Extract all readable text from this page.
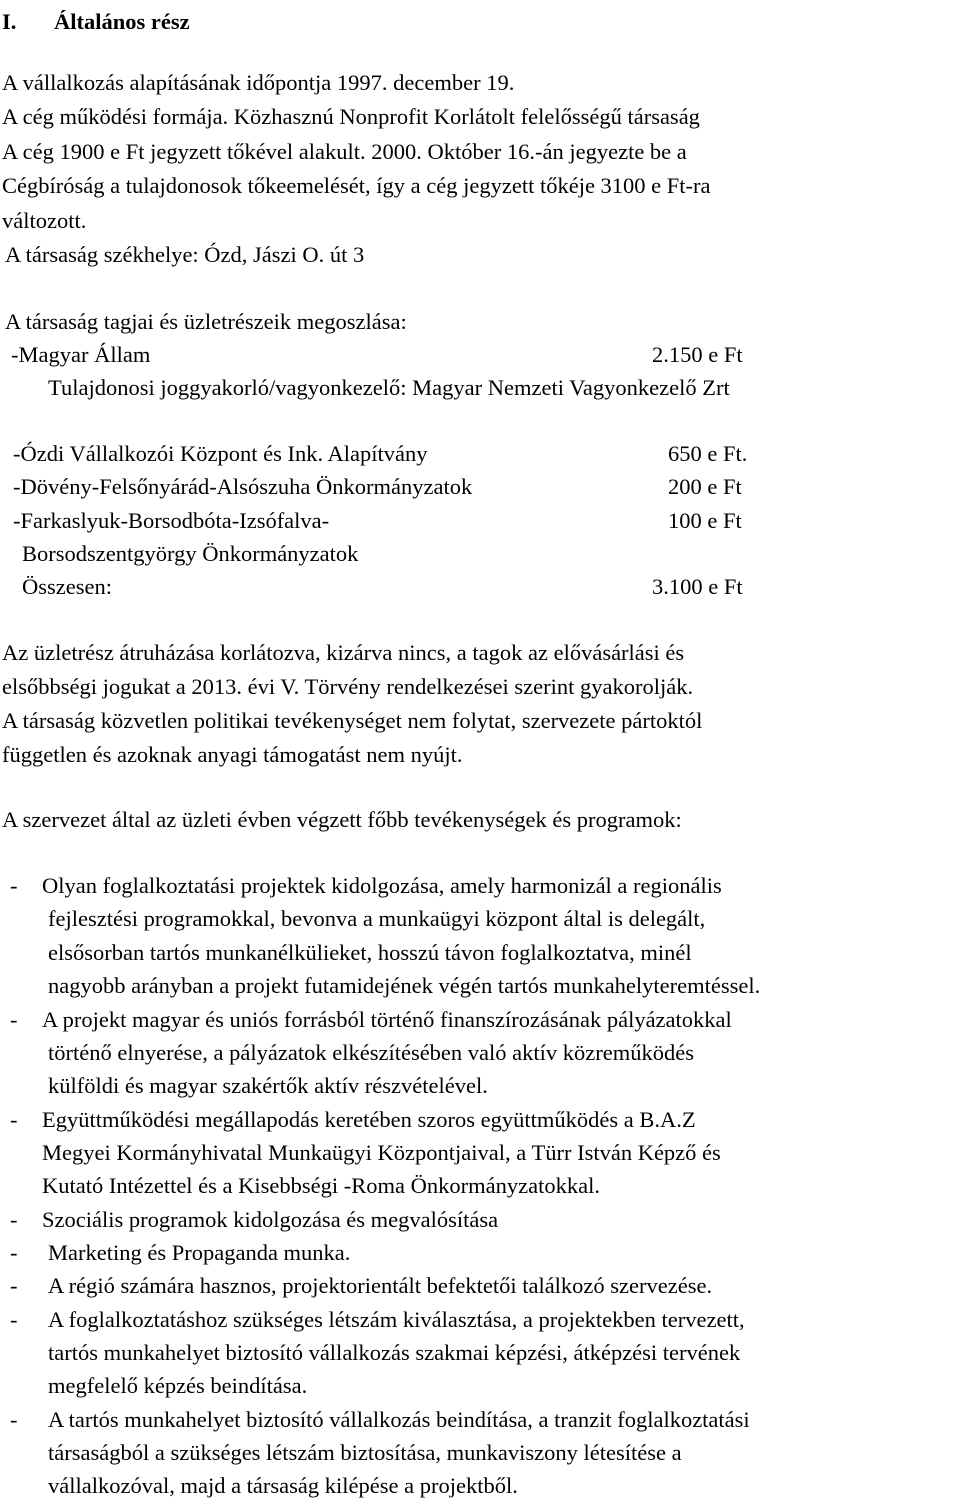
I. Általános rész
A vállalkozás alapításának időpontja 1997. december 19.
A cég működési formája. Közhasznú Nonprofit Korlátolt felelősségű társaság
A cég 1900 e Ft jegyzett tőkével alakult. 2000. Október 16.-án jegyezte be a
Cégbíróság a tulajdonosok tőkeemelését, így a cég jegyzett tőkéje 3100 e Ft-ra
változott.
A társaság székhelye: Ózd, Jászi O. út 3
A társaság tagjai és üzletrészeik megoszlása:
-Magyar Állam	2.150 e Ft
Tulajdonosi joggyakorló/vagyonkezelő: Magyar Nemzeti Vagyonkezelő Zrt
-Ózdi Vállalkozói Központ és Ink. Alapítvány	650 e Ft.
-Dövény-Felsőnyárád-Alsószuha Önkormányzatok	200 e Ft
-Farkaslyuk-Borsodbóta-Izsófalva-	100 e Ft
Borsodszentgyörgy Önkormányzatok
Összesen:	3.100 e Ft
Az üzletrész átruházása korlátozva, kizárva nincs, a tagok az elővásárlási és
elsőbbségi jogukat a 2013. évi V. Törvény rendelkezései szerint gyakorolják.
A társaság közvetlen politikai tevékenységet nem folytat, szervezete pártoktól
független és azoknak anyagi támogatást nem nyújt.
A szervezet által az üzleti évben végzett főbb tevékenységek és programok:
- Olyan foglalkoztatási projektek kidolgozása, amely harmonizál a regionális
fejlesztési programokkal, bevonva a munkaügyi központ által is delegált,
elsősorban tartós munkanélkülieket, hosszú távon foglalkoztatva, minél
nagyobb arányban a projekt futamidejének végén tartós munkahelyteremtéssel.
- A projekt magyar és uniós forrásból történő finanszírozásának pályázatokkal
történő elnyerése, a pályázatok elkészítésében való aktív közreműködés
külföldi és magyar szakértők aktív részvételével.
- Együttműködési megállapodás keretében szoros együttműködés a B.A.Z
Megyei Kormányhivatal Munkaügyi Központjaival, a Türr István Képző és
Kutató Intézettel és a Kisebbségi -Roma Önkormányzatokkal.
- Szociális programok kidolgozása és megvalósítása
- Marketing és Propaganda munka.
- A régió számára hasznos, projektorientált befektetői találkozó szervezése.
- A foglalkoztatáshoz szükséges létszám kiválasztása, a projektekben tervezett,
tartós munkahelyet biztosító vállalkozás szakmai képzési, átképzési tervének
megfelelő képzés beindítása.
- A tartós munkahelyet biztosító vállalkozás beindítása, a tranzit foglalkoztatási
társaságból a szükséges létszám biztosítása, munkaviszony létesítése a
vállalkozóval, majd a társaság kilépése a projektből.
